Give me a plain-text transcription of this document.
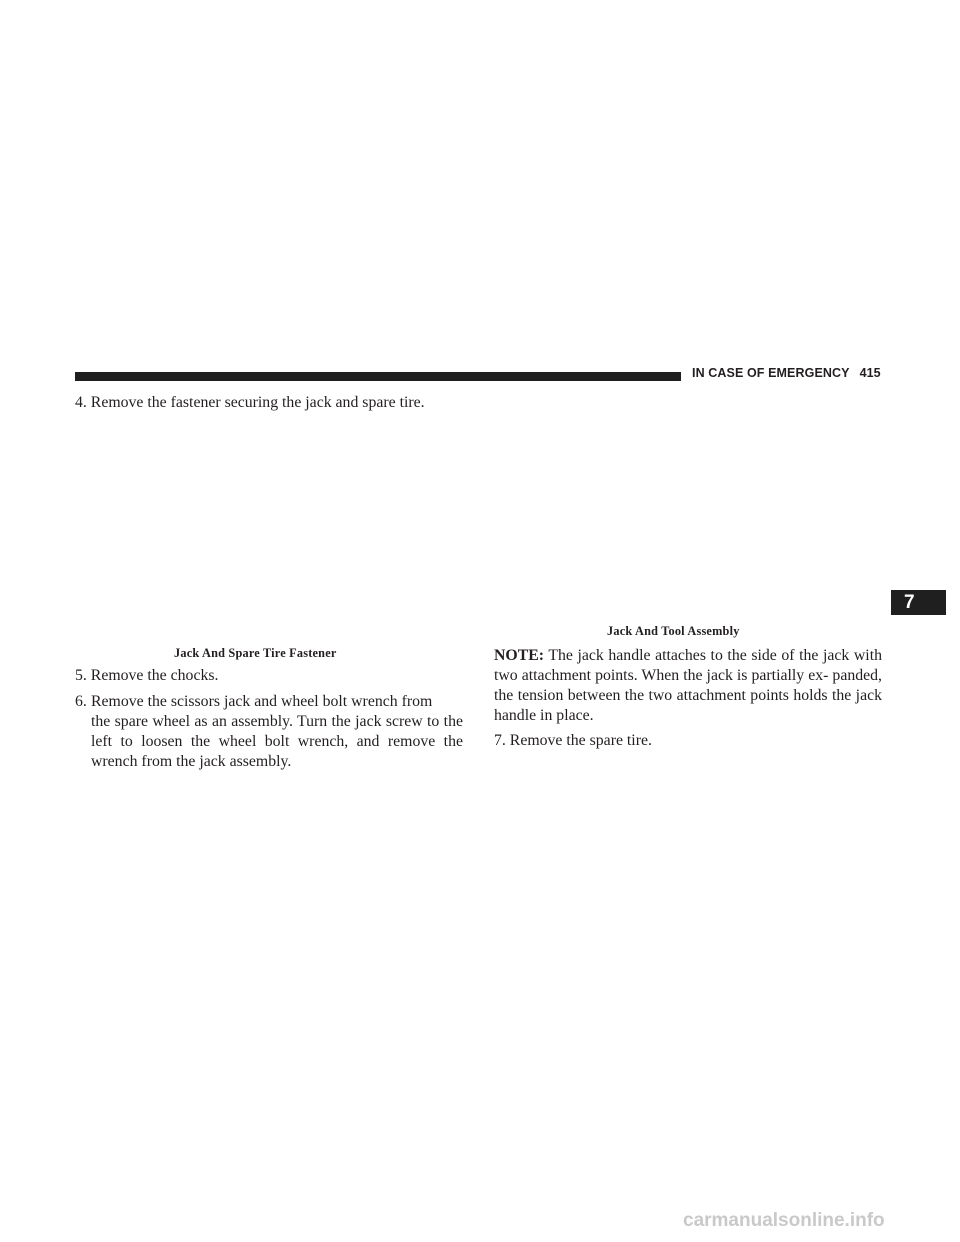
IN CASE OF EMERGENCY 415
7
4. Remove the fastener securing the jack and spare tire.
Jack And Tool Assembly
Jack And Spare Tire Fastener
5. Remove the chocks.
6. Remove the scissors jack and wheel bolt wrench from
the spare wheel as an assembly. Turn the jack screw to the left to loosen the wheel bolt wrench, and remove the wrench from the jack assembly.
NOTE: The jack handle attaches to the side of the jack with two attachment points. When the jack is partially ex- panded, the tension between the two attachment points holds the jack handle in place.
7. Remove the spare tire.
carmanualsonline.info
